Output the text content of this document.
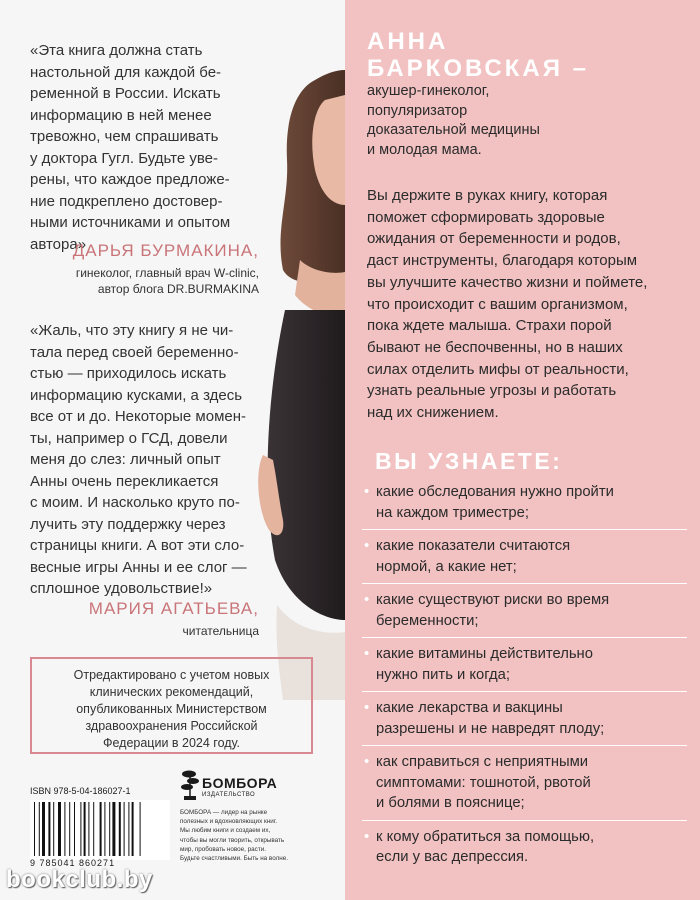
«Эта книга должна стать
настольной для каждой бе-
ременной в России. Искать
информацию в ней менее
тревожно, чем спрашивать
у доктора Гугл. Будьте уве-
рены, что каждое предложе-
ние подкреплено достовер-
ными источниками и опытом
автора»
ДАРЬЯ БУРМАКИНА,
гинеколог, главный врач W-clinic,
автор блога DR.BURMAKINA
«Жаль, что эту книгу я не чи-
тала перед своей беременно-
стью — приходилось искать
информацию кусками, а здесь
все от и до. Некоторые момен-
ты, например о ГСД, довели
меня до слез: личный опыт
Анны очень перекликается
с моим. И насколько круто по-
лучить эту поддержку через
страницы книги. А вот эти сло-
весные игры Анны и ее слог —
сплошное удовольствие!»
МАРИЯ АГАТЬЕВА,
читательница
Отредактировано с учетом новых
клинических рекомендаций,
опубликованных Министерством
здравоохранения Российской
Федерации в 2024 году.
БОМБОРА
ИЗДАТЕЛЬСТВО
ISBN 978-5-04-186027-1
9 785041 860271
БОМБОРА — лидер на рынке
полезных и вдохновляющих книг.
Мы любим книги и создаем их,
чтобы вы могли творить, открывать
мир, пробовать новое, расти.
Будьте счастливыми. Быть на волне.
bookclub.by
АННА
БАРКОВСКАЯ –
акушер-гинеколог,
популяризатор
доказательной медицины
и молодая мама.
Вы держите в руках книгу, которая
поможет сформировать здоровые
ожидания от беременности и родов,
даст инструменты, благодаря которым
вы улучшите качество жизни и поймете,
что происходит с вашим организмом,
пока ждете малыша. Страхи порой
бывают не беспочвенны, но в наших
силах отделить мифы от реальности,
узнать реальные угрозы и работать
над их снижением.
ВЫ УЗНАЕТЕ:
• какие обследования нужно пройти
на каждом триместре;
• какие показатели считаются
нормой, а какие нет;
• какие существуют риски во время
беременности;
• какие витамины действительно
нужно пить и когда;
• какие лекарства и вакцины
разрешены и не навредят плоду;
• как справиться с неприятными
симптомами: тошнотой, рвотой
и болями в пояснице;
• к кому обратиться за помощью,
если у вас депрессия.
